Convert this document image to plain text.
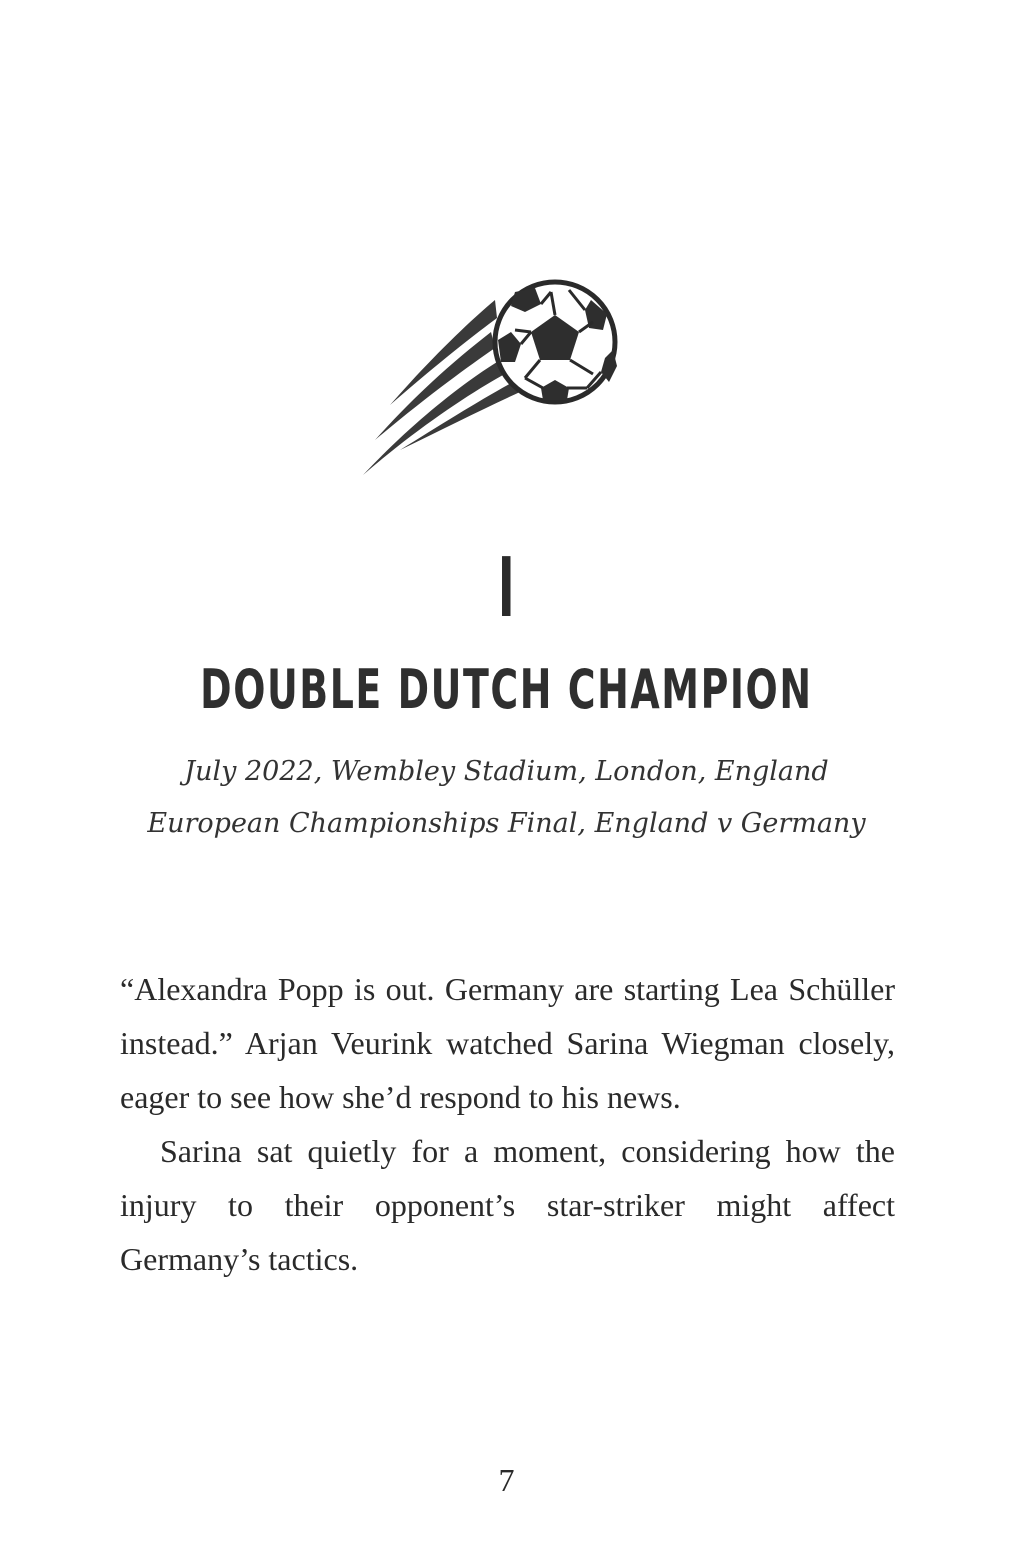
I
DOUBLE DUTCH CHAMPION
July 2022, Wembley Stadium, London, England
European Championships Final, England v Germany

“Alexandra Popp is out. Germany are starting Lea Schüller instead.” Arjan Veurink watched Sarina Wiegman closely, eager to see how she’d respond to his news.

Sarina sat quietly for a moment, considering how the injury to their opponent’s star-striker might affect Germany’s tactics.

7
